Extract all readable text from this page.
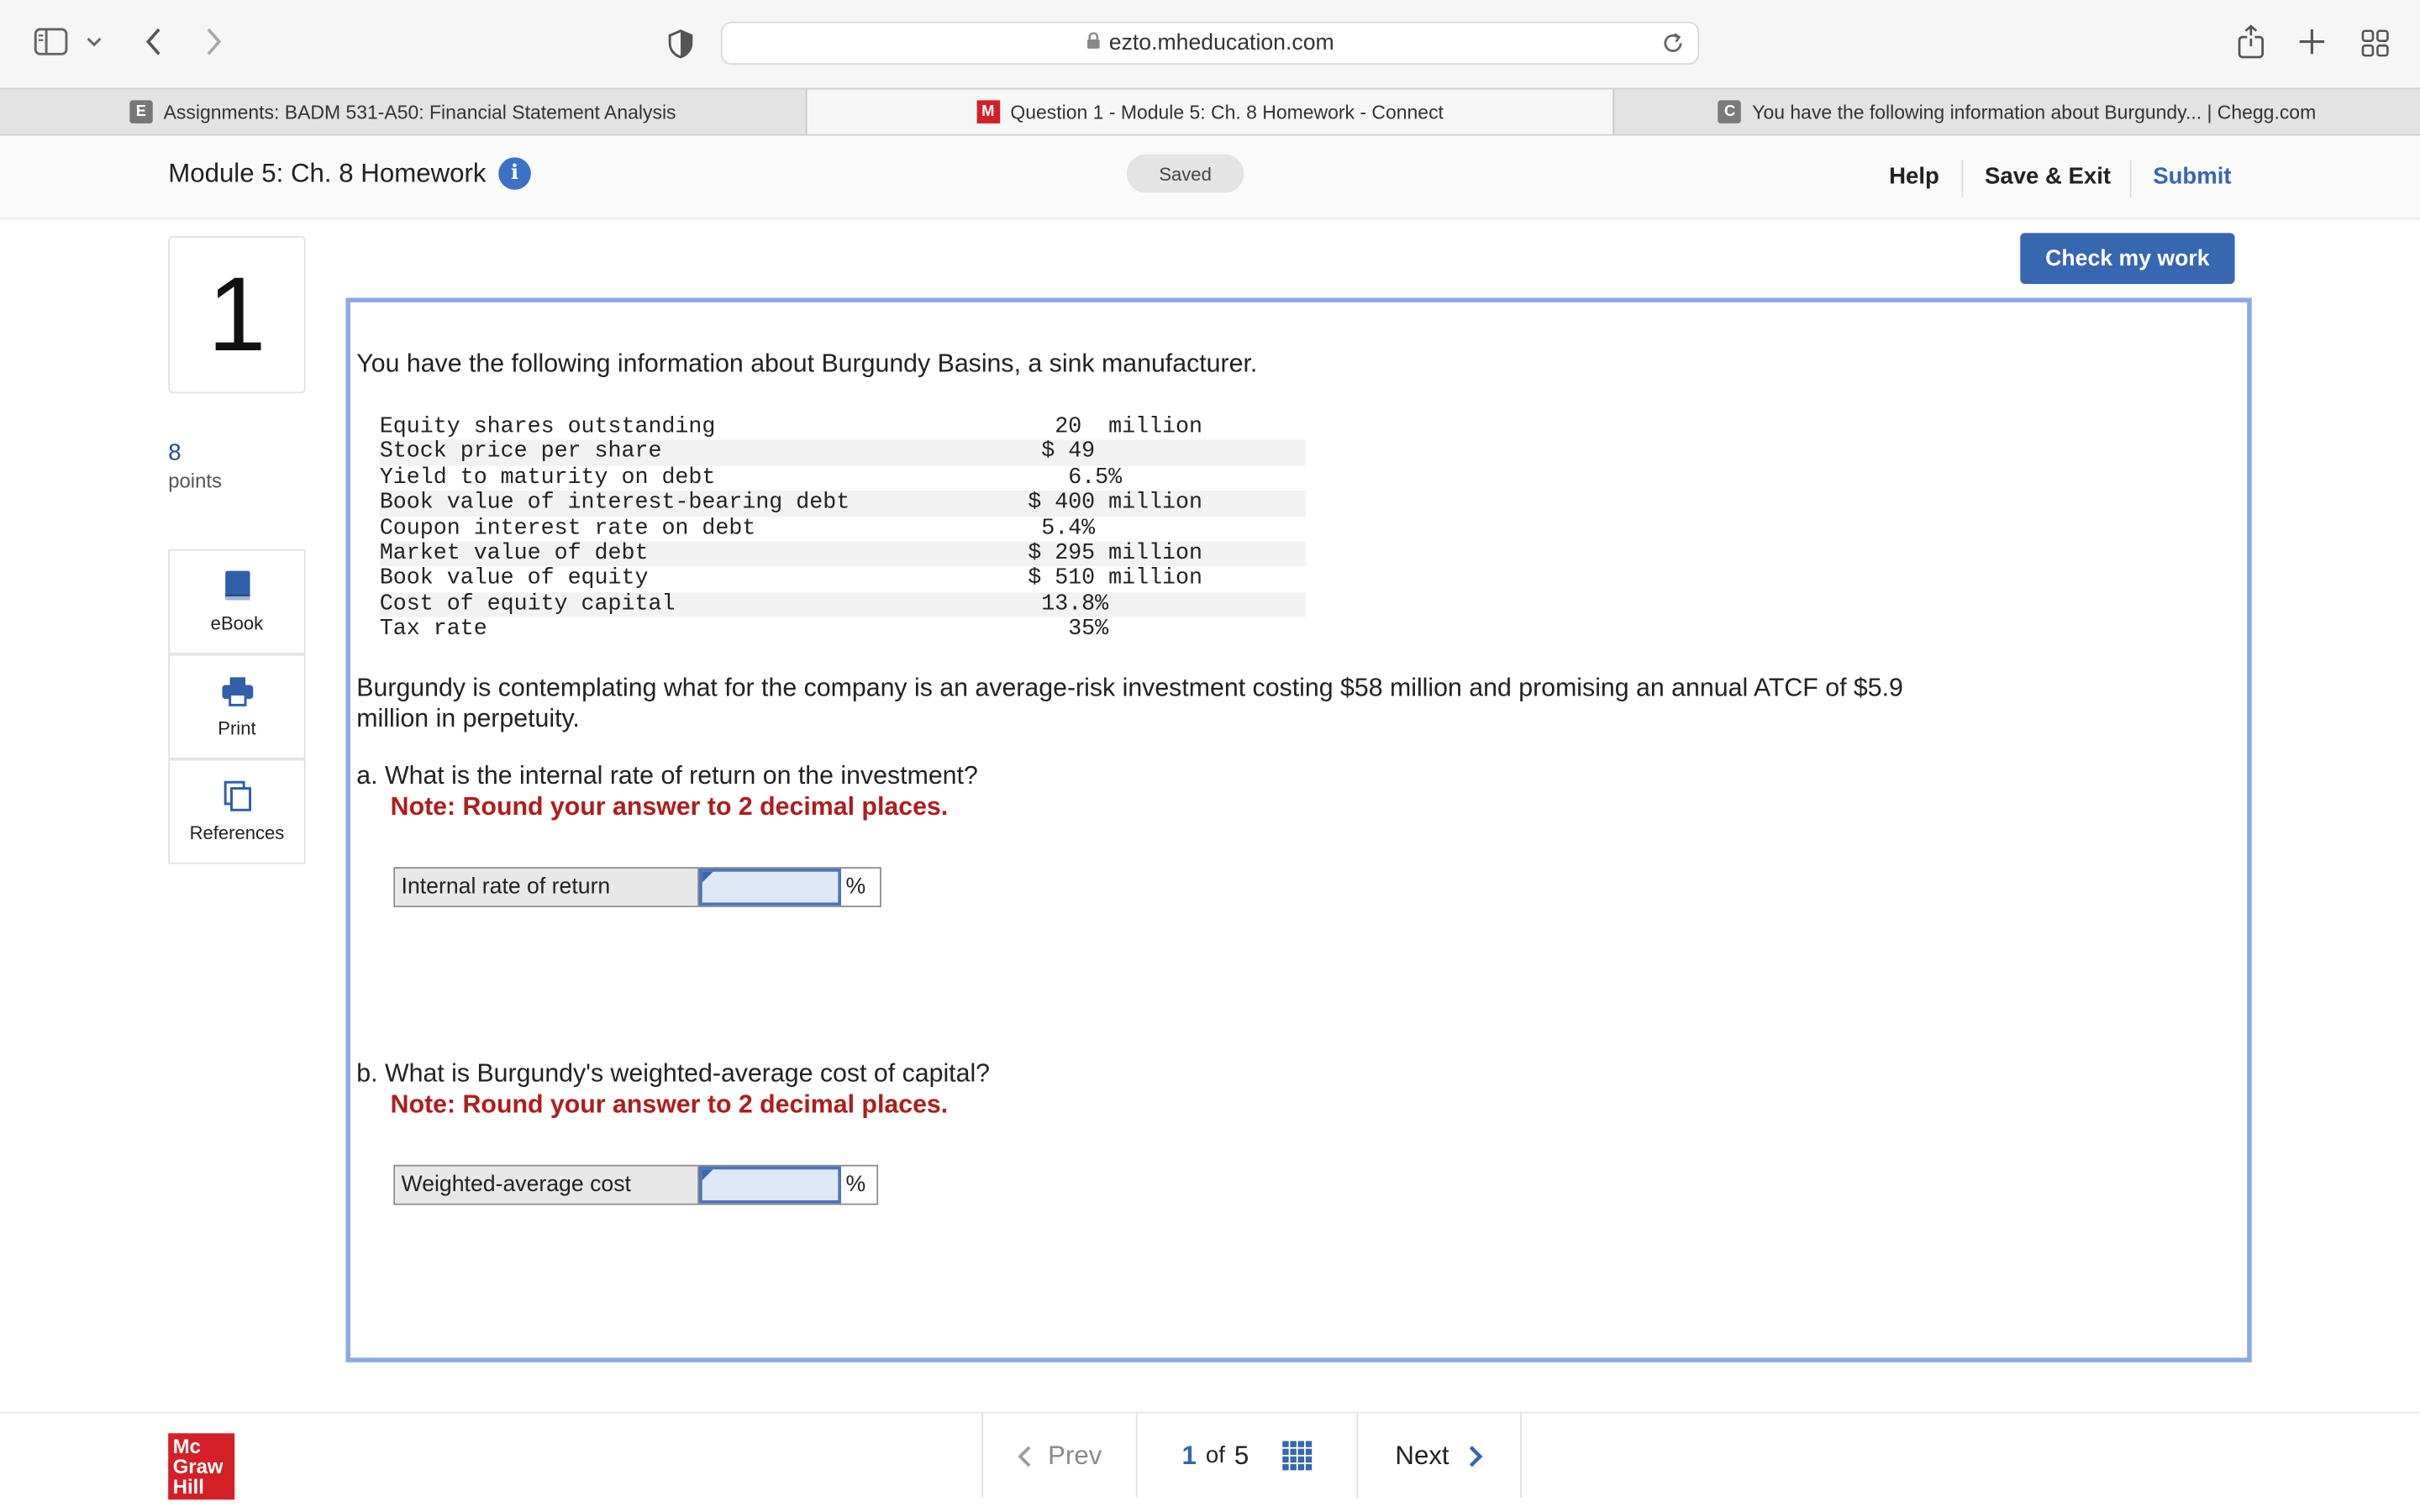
ezto.mheducation.com
E	Assignments: BADM 531-A50: Financial Statement Analysis	M	Question 1 - Module 5: Ch. 8 Homework - Connect	C	You have the following information about Burgundy... | Chegg.com
Module 5: Ch. 8 Homework	i	Saved	Help	Save & Exit	Submit
1
8
points
eBook
Print
References
Check my work
You have the following information about Burgundy Basins, a sink manufacturer.
Equity shares outstanding	20  million
Stock price per share	$ 49
Yield to maturity on debt	6.5%
Book value of interest-bearing debt	$ 400 million
Coupon interest rate on debt	5.4%
Market value of debt	$ 295 million
Book value of equity	$ 510 million
Cost of equity capital	13.8%
Tax rate	35%
Burgundy is contemplating what for the company is an average-risk investment costing $58 million and promising an annual ATCF of $5.9 million in perpetuity.
a. What is the internal rate of return on the investment?
Note: Round your answer to 2 decimal places.
Internal rate of return	%
b. What is Burgundy's weighted-average cost of capital?
Note: Round your answer to 2 decimal places.
Weighted-average cost	%
Mc
Graw
Hill
Prev	1 of 5	Next
